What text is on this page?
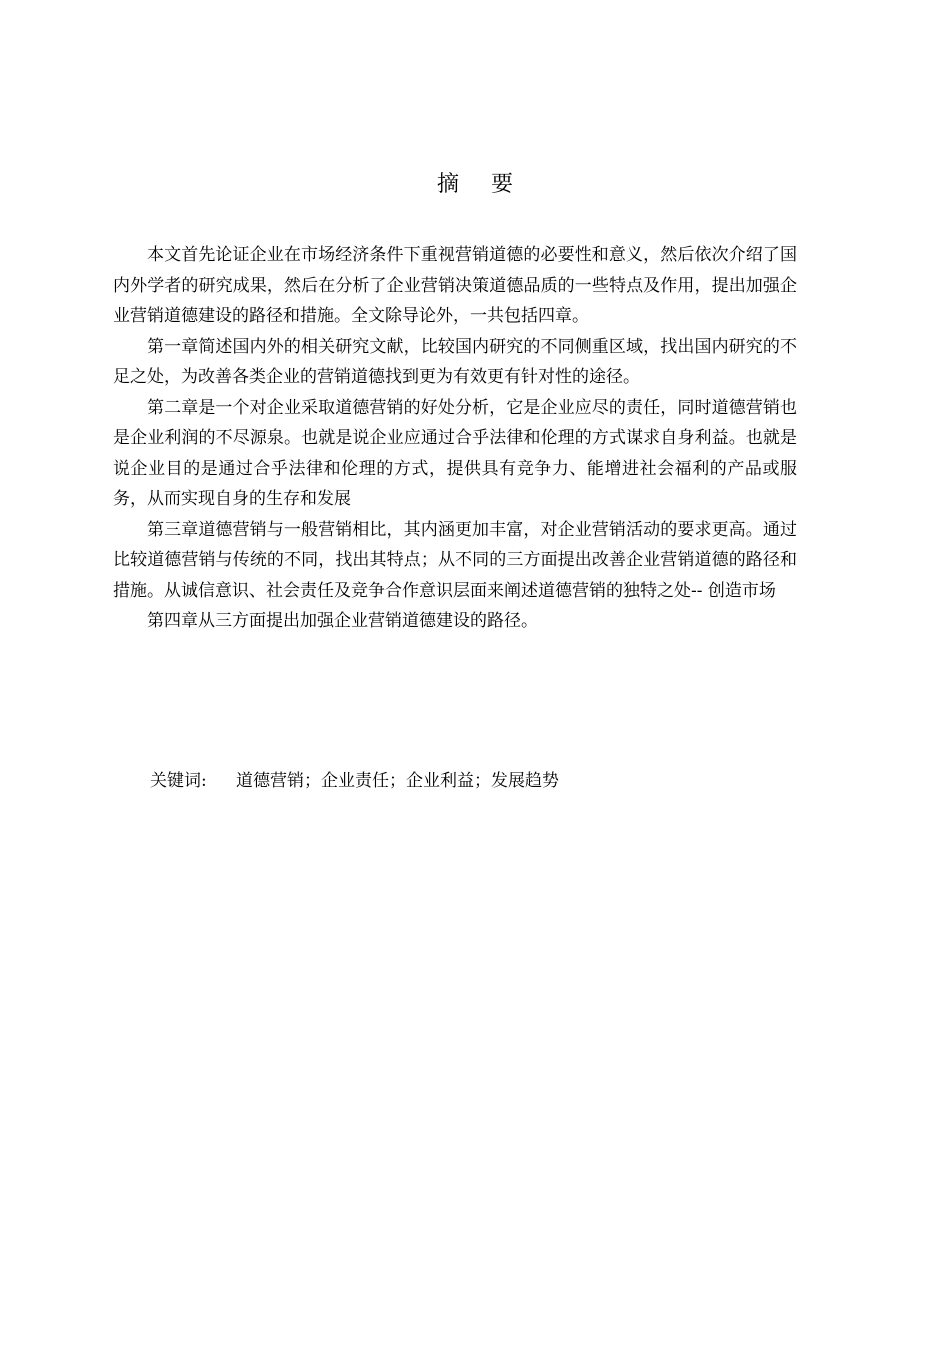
摘 要

本文首先论证企业在市场经济条件下重视营销道德的必要性和意义，然后依次介绍了国内外学者的研究成果，然后在分析了企业营销决策道德品质的一些特点及作用，提出加强企业营销道德建设的路径和措施。全文除导论外，一共包括四章。

第一章简述国内外的相关研究文献，比较国内研究的不同侧重区域，找出国内研究的不足之处，为改善各类企业的营销道德找到更为有效更有针对性的途径。

第二章是一个对企业采取道德营销的好处分析，它是企业应尽的责任，同时道德营销也是企业利润的不尽源泉。也就是说企业应通过合乎法律和伦理的方式谋求自身利益。也就是说企业目的是通过合乎法律和伦理的方式，提供具有竞争力、能增进社会福利的产品或服务，从而实现自身的生存和发展

第三章道德营销与一般营销相比，其内涵更加丰富，对企业营销活动的要求更高。通过比较道德营销与传统的不同，找出其特点；从不同的三方面提出改善企业营销道德的路径和措施。从诚信意识、社会责任及竞争合作意识层面来阐述道德营销的独特之处-- 创造市场

第四章从三方面提出加强企业营销道德建设的路径。

关键词: 道德营销；企业责任；企业利益；发展趋势
